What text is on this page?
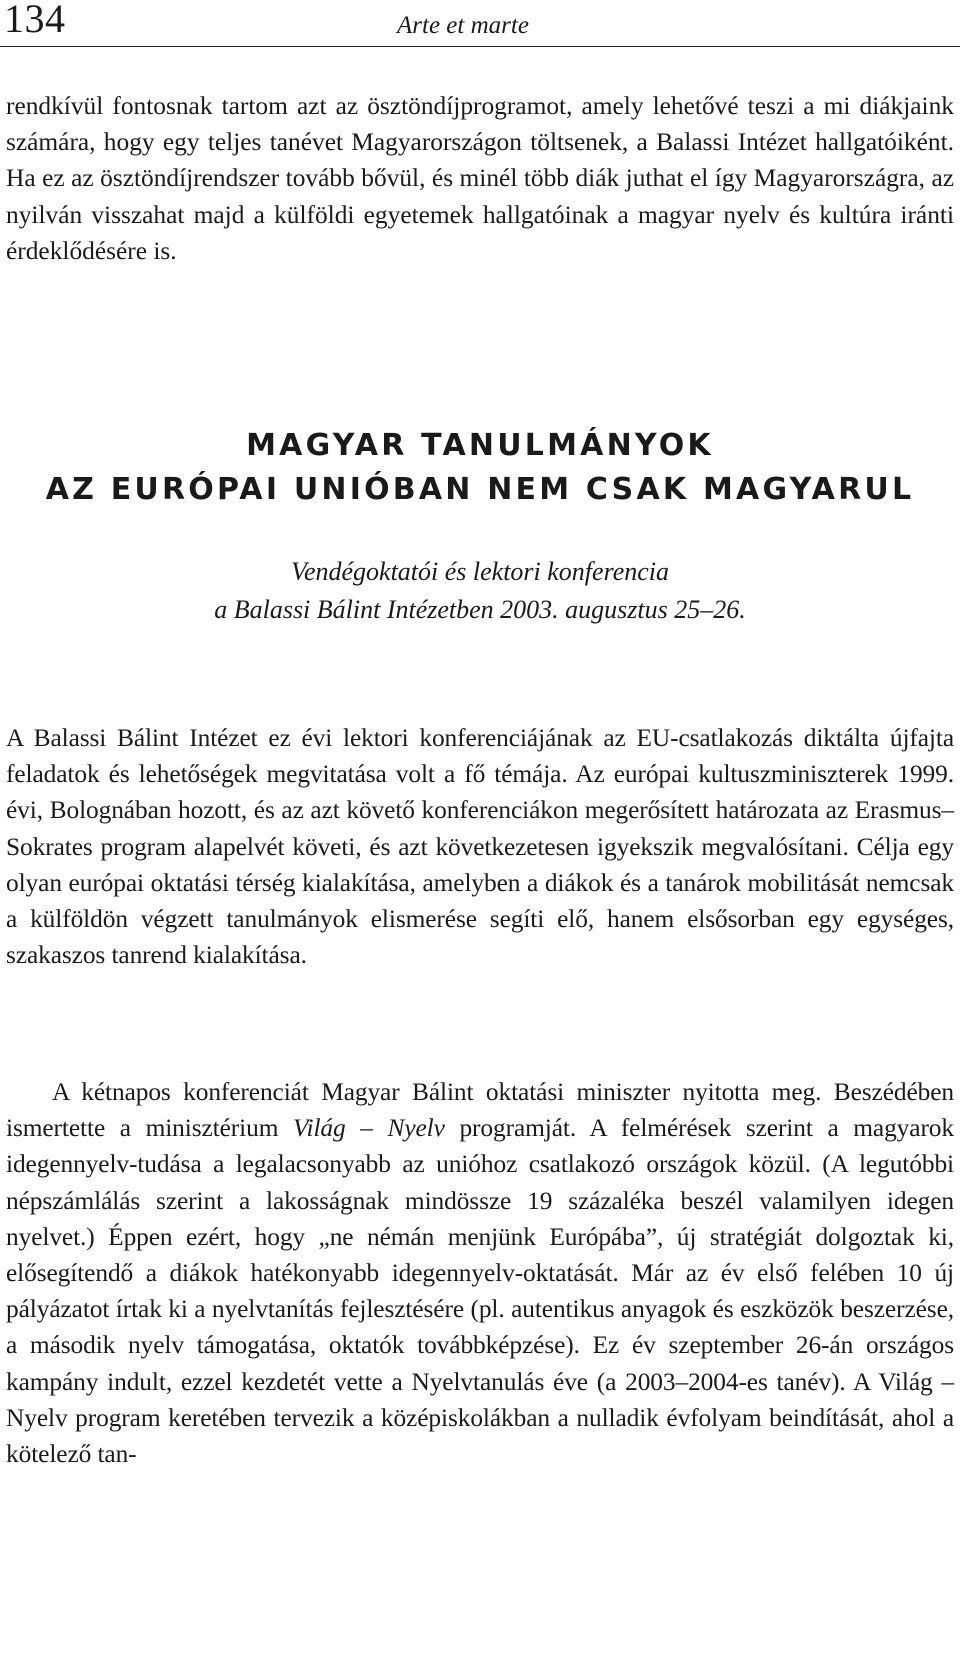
134	Arte et marte

rendkívül fontosnak tartom azt az ösztöndíjprogramot, amely lehetővé teszi a mi diákjaink számára, hogy egy teljes tanévet Magyarországon töltsenek, a Balassi Intézet hallgatóiként. Ha ez az ösztöndíjrendszer tovább bővül, és minél több diák juthat el így Magyarországra, az nyilván visszahat majd a külföldi egyetemek hallgatóinak a magyar nyelv és kultúra iránti érdeklődésére is.

MAGYAR TANULMÁNYOK
AZ EURÓPAI UNIÓBAN NEM CSAK MAGYARUL
Vendégoktatói és lektori konferencia
a Balassi Bálint Intézetben 2003. augusztus 25–26.

A Balassi Bálint Intézet ez évi lektori konferenciájának az EU-csatlakozás diktálta újfajta feladatok és lehetőségek megvitatása volt a fő témája. Az európai kultuszminiszterek 1999. évi, Bolognában hozott, és az azt követő konferenciákon megerősített határozata az Erasmus–Sokrates program alapelvét követi, és azt következetesen igyekszik megvalósítani. Célja egy olyan európai oktatási térség kialakítása, amelyben a diákok és a tanárok mobilitását nemcsak a külföldön végzett tanulmányok elismerése segíti elő, hanem elsősorban egy egységes, szakaszos tanrend kialakítása.

A kétnapos konferenciát Magyar Bálint oktatási miniszter nyitotta meg. Beszédében ismertette a minisztérium Világ – Nyelv programját. A felmérések szerint a magyarok idegennyelv-tudása a legalacsonyabb az unióhoz csatlakozó országok közül. (A legutóbbi népszámlálás szerint a lakosságnak mindössze 19 százaléka beszél valamilyen idegen nyelvet.) Éppen ezért, hogy „ne némán menjünk Európába”, új stratégiát dolgoztak ki, elősegítendő a diákok hatékonyabb idegennyelv-oktatását. Már az év első felében 10 új pályázatot írtak ki a nyelvtanítás fejlesztésére (pl. autentikus anyagok és eszközök beszerzése, a második nyelv támogatása, oktatók továbbképzése). Ez év szeptember 26-án országos kampány indult, ezzel kezdetét vette a Nyelvtanulás éve (a 2003–2004-es tanév). A Világ – Nyelv program keretében tervezik a középiskolákban a nulladik évfolyam beindítását, ahol a kötelező tan-
